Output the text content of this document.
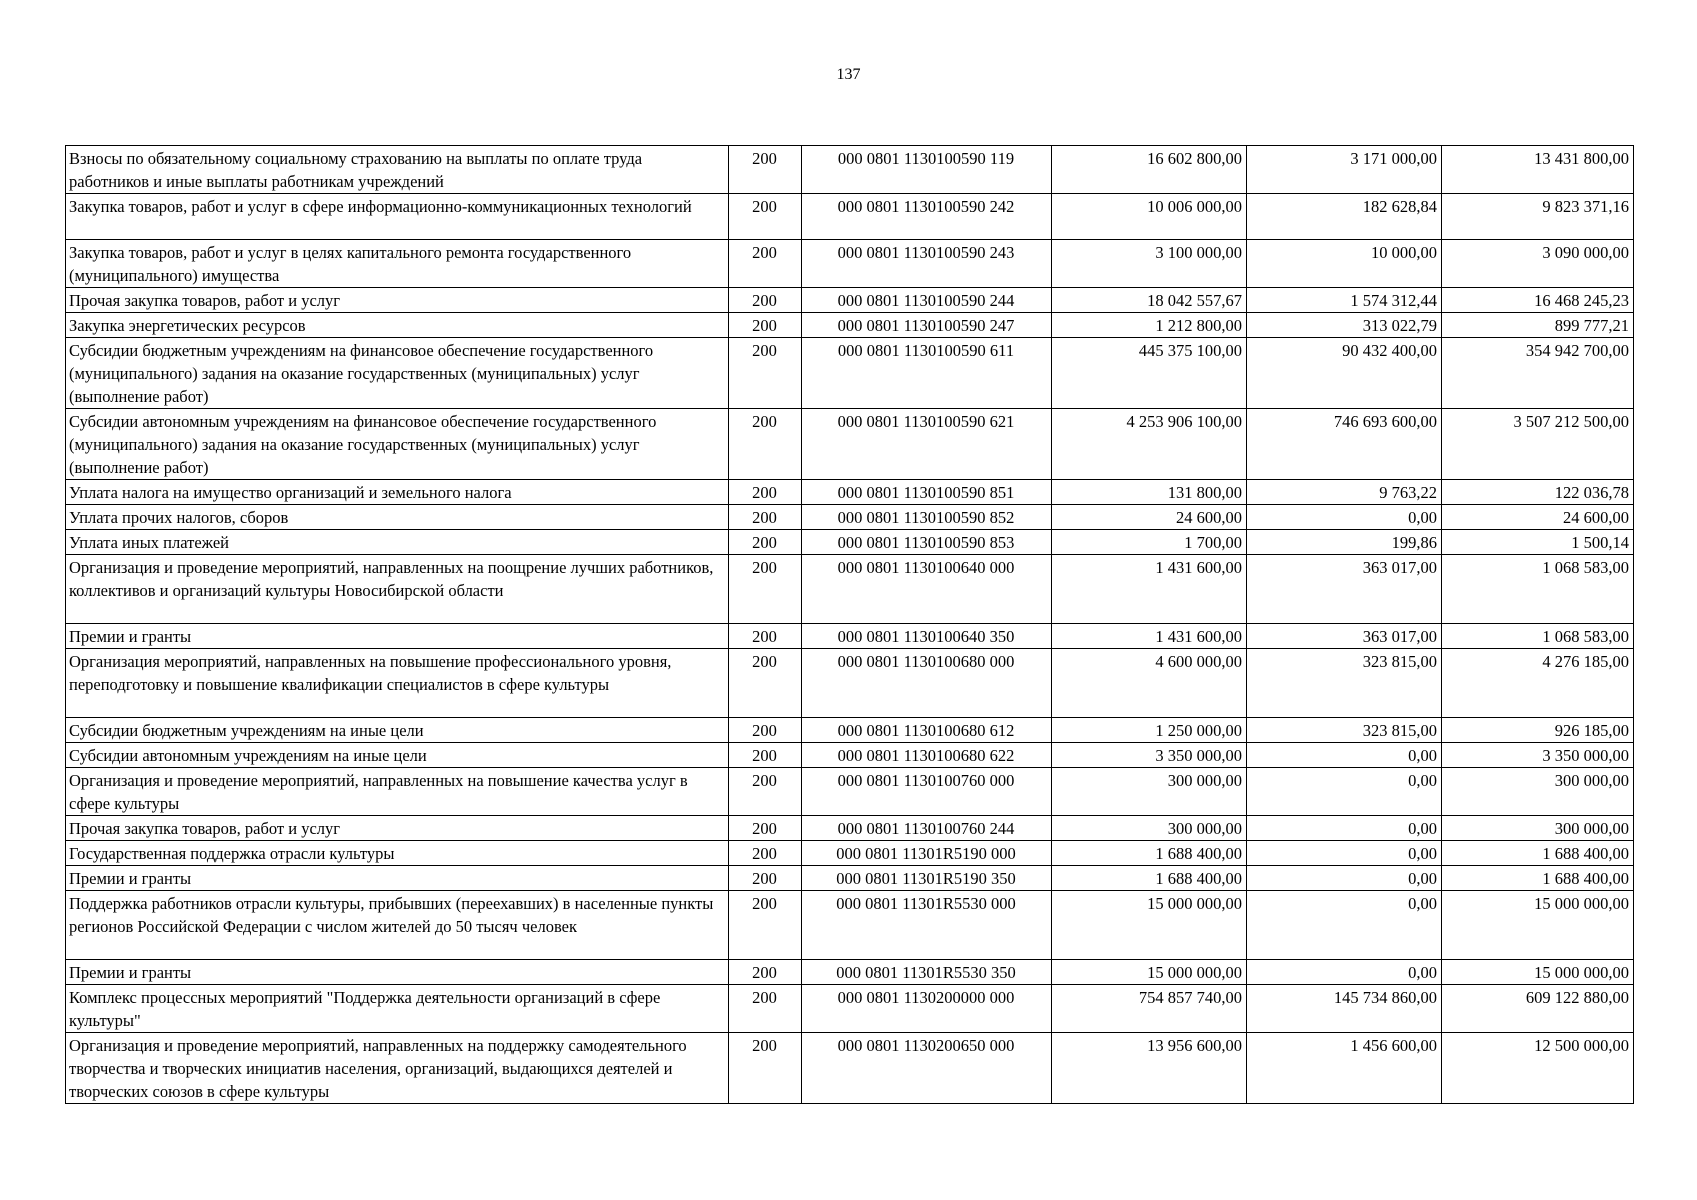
137
Взносы по обязательному социальному страхованию на выплаты по оплате труда работников и иные выплаты работникам учреждений	200	000 0801 1130100590 119	16 602 800,00	3 171 000,00	13 431 800,00
Закупка товаров, работ и услуг в сфере информационно-коммуникационных технологий	200	000 0801 1130100590 242	10 006 000,00	182 628,84	9 823 371,16
Закупка товаров, работ и услуг в целях капитального ремонта государственного (муниципального) имущества	200	000 0801 1130100590 243	3 100 000,00	10 000,00	3 090 000,00
Прочая закупка товаров, работ и услуг	200	000 0801 1130100590 244	18 042 557,67	1 574 312,44	16 468 245,23
Закупка энергетических ресурсов	200	000 0801 1130100590 247	1 212 800,00	313 022,79	899 777,21
Субсидии бюджетным учреждениям на финансовое обеспечение государственного (муниципального) задания на оказание государственных (муниципальных) услуг (выполнение работ)	200	000 0801 1130100590 611	445 375 100,00	90 432 400,00	354 942 700,00
Субсидии автономным учреждениям на финансовое обеспечение государственного (муниципального) задания на оказание государственных (муниципальных) услуг (выполнение работ)	200	000 0801 1130100590 621	4 253 906 100,00	746 693 600,00	3 507 212 500,00
Уплата налога на имущество организаций и земельного налога	200	000 0801 1130100590 851	131 800,00	9 763,22	122 036,78
Уплата прочих налогов, сборов	200	000 0801 1130100590 852	24 600,00	0,00	24 600,00
Уплата иных платежей	200	000 0801 1130100590 853	1 700,00	199,86	1 500,14
Организация и проведение мероприятий, направленных на поощрение лучших работников, коллективов и организаций культуры Новосибирской области	200	000 0801 1130100640 000	1 431 600,00	363 017,00	1 068 583,00
Премии и гранты	200	000 0801 1130100640 350	1 431 600,00	363 017,00	1 068 583,00
Организация мероприятий, направленных на повышение профессионального уровня, переподготовку и повышение квалификации специалистов в сфере культуры	200	000 0801 1130100680 000	4 600 000,00	323 815,00	4 276 185,00
Субсидии бюджетным учреждениям на иные цели	200	000 0801 1130100680 612	1 250 000,00	323 815,00	926 185,00
Субсидии автономным учреждениям на иные цели	200	000 0801 1130100680 622	3 350 000,00	0,00	3 350 000,00
Организация и проведение мероприятий, направленных на повышение качества услуг в сфере культуры	200	000 0801 1130100760 000	300 000,00	0,00	300 000,00
Прочая закупка товаров, работ и услуг	200	000 0801 1130100760 244	300 000,00	0,00	300 000,00
Государственная поддержка отрасли культуры	200	000 0801 11301R5190 000	1 688 400,00	0,00	1 688 400,00
Премии и гранты	200	000 0801 11301R5190 350	1 688 400,00	0,00	1 688 400,00
Поддержка работников отрасли культуры, прибывших (переехавших) в населенные пункты регионов Российской Федерации с числом жителей до 50 тысяч человек	200	000 0801 11301R5530 000	15 000 000,00	0,00	15 000 000,00
Премии и гранты	200	000 0801 11301R5530 350	15 000 000,00	0,00	15 000 000,00
Комплекс процессных мероприятий "Поддержка деятельности организаций в сфере культуры"	200	000 0801 1130200000 000	754 857 740,00	145 734 860,00	609 122 880,00
Организация и проведение мероприятий, направленных на поддержку самодеятельного творчества и творческих инициатив населения, организаций, выдающихся деятелей и творческих союзов в сфере культуры	200	000 0801 1130200650 000	13 956 600,00	1 456 600,00	12 500 000,00
